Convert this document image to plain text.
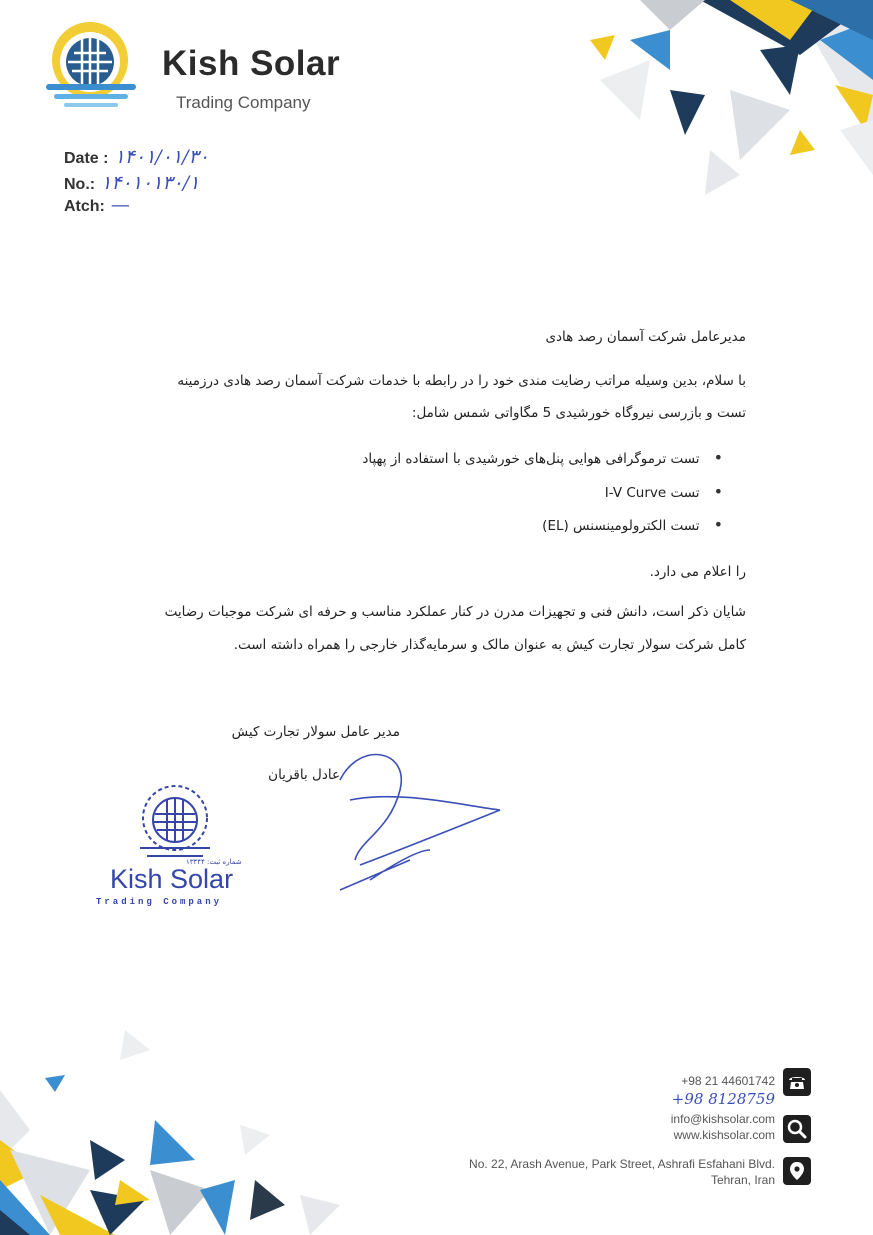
Kish Solar
Trading Company
Date : ۱۴۰۱/۰۱/۳۰
No.: ۱۴۰۱۰۱۳۰/۱
Atch: —
مدیرعامل شرکت آسمان رصد هادی
با سلام، بدین وسیله مراتب رضایت مندی خود را در رابطه با خدمات شرکت آسمان رصد هادی درزمینه
تست و بازرسی نیروگاه خورشیدی 5 مگاواتی شمس شامل:
• تست ترموگرافی هوایی پنل‌های خورشیدی با استفاده از پهپاد
• تست I-V Curve
• تست الکترولومینسنس (EL)
را اعلام می دارد.
شایان ذکر است، دانش فنی و تجهیزات مدرن در کنار عملکرد مناسب و حرفه ای شرکت موجبات رضایت
کامل شرکت سولار تجارت کیش به عنوان مالک و سرمایه‌گذار خارجی را همراه داشته است.
مدیر عامل سولار تجارت کیش
عادل باقریان
شماره ثبت: ۱۳۴۴۴
Kish Solar
Trading Company
+98 21 44601742
+98 8128759
info@kishsolar.com
www.kishsolar.com
No. 22, Arash Avenue, Park Street, Ashrafi Esfahani Blvd.
Tehran, Iran
